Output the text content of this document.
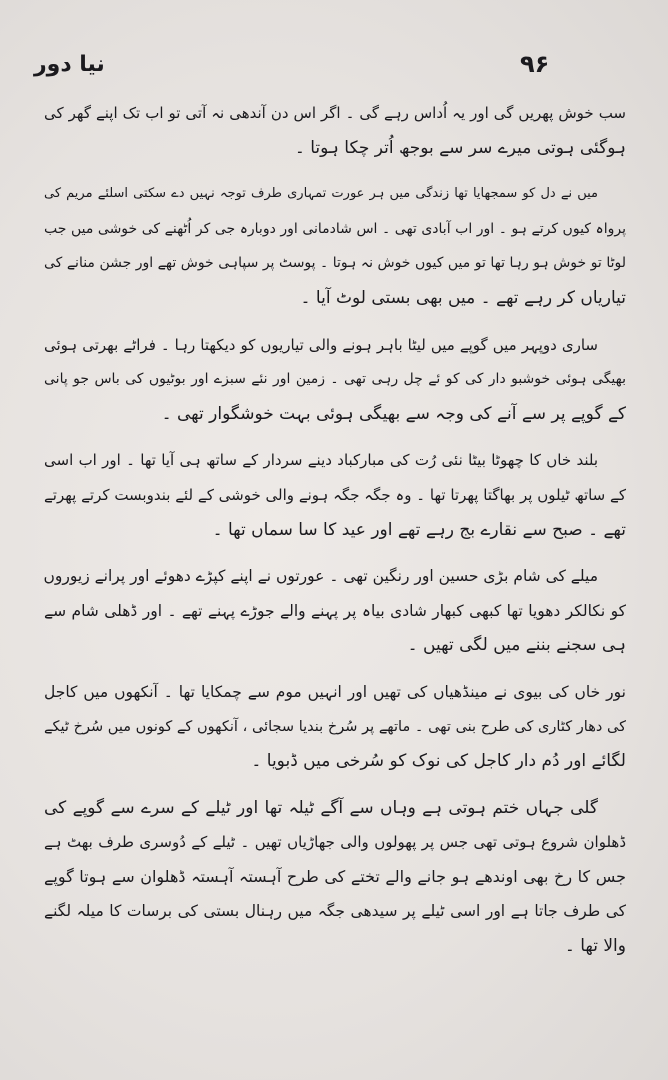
۹۶
نیا دور
سب خوش پھریں گی اور یہ اُداس رہے گی ۔ اگر اس دن آندھی نہ آتی تو اب تک اپنے گھر کی
ہوگئی ہوتی میرے سر سے بوجھ اُتر چکا ہوتا ۔
میں نے دل کو سمجھایا تھا زندگی میں ہر عورت تمہاری طرف توجہ نہیں دے سکتی اسلئے مریم کی
پرواہ کیوں کرتے ہو ۔ اور اب آبادی تھی ۔ اس شادمانی اور دوبارہ جی کر اُٹھنے کی خوشی میں جب
لوٹا تو خوش ہو رہا تھا تو میں کیوں خوش نہ ہوتا ۔ پوسٹ پر سپاہی خوش تھے اور جشن منانے کی
تیاریاں کر رہے تھے ۔ میں بھی بستی لوٹ آیا ۔
ساری دوپہر میں گوپے میں لیٹا باہر ہونے والی تیاریوں کو دیکھتا رہا ۔ فراٹے بھرتی ہوئی
بھیگی ہوئی خوشبو دار کی کو ئے چل رہی تھی ۔ زمین اور نئے سبزے اور بوٹیوں کی باس جو پانی
کے گوپے پر سے آنے کی وجہ سے بھیگی ہوئی بہت خوشگوار تھی ۔
بلند خاں کا چھوٹا بیٹا نئی رُت کی مبارکباد دینے سردار کے ساتھ ہی آیا تھا ۔ اور اب اسی
کے ساتھ ٹیلوں پر بھاگتا پھرتا تھا ۔ وہ جگہ جگہ ہونے والی خوشی کے لئے بندوبست کرتے پھرتے
تھے ۔ صبح سے نقارے بج رہے تھے اور عید کا سا سماں تھا ۔
میلے کی شام بڑی حسین اور رنگین تھی ۔ عورتوں نے اپنے کپڑے دھوئے اور پرانے زیوروں
کو نکالکر دھویا تھا کبھی کبھار شادی بیاہ پر پہنے والے جوڑے پہنے تھے ۔ اور ڈھلی شام سے
ہی سجنے بننے میں لگی تھیں ۔
نور خاں کی بیوی نے مینڈھیاں کی تھیں اور انہیں موم سے چمکایا تھا ۔ آنکھوں میں کاجل
کی دھار کٹاری کی طرح بنی تھی ۔ ماتھے پر سُرخ بندیا سجائی ، آنکھوں کے کونوں میں سُرخ ٹیکے
لگائے اور دُم دار کاجل کی نوک کو سُرخی میں ڈبویا ۔
گلی جہاں ختم ہوتی ہے وہاں سے آگے ٹیلہ تھا اور ٹیلے کے سرے سے گوپے کی
ڈھلوان شروع ہوتی تھی جس پر پھولوں والی جھاڑیاں تھیں ۔ ٹیلے کے دُوسری طرف بھٹ ہے
جس کا رخ بھی اوندھے ہو جانے والے تختے کی طرح آہستہ آہستہ ڈھلوان سے ہوتا گوپے
کی طرف جاتا ہے اور اسی ٹیلے پر سیدھی جگہ میں رہنال بستی کی برسات کا میلہ لگنے
والا تھا ۔
